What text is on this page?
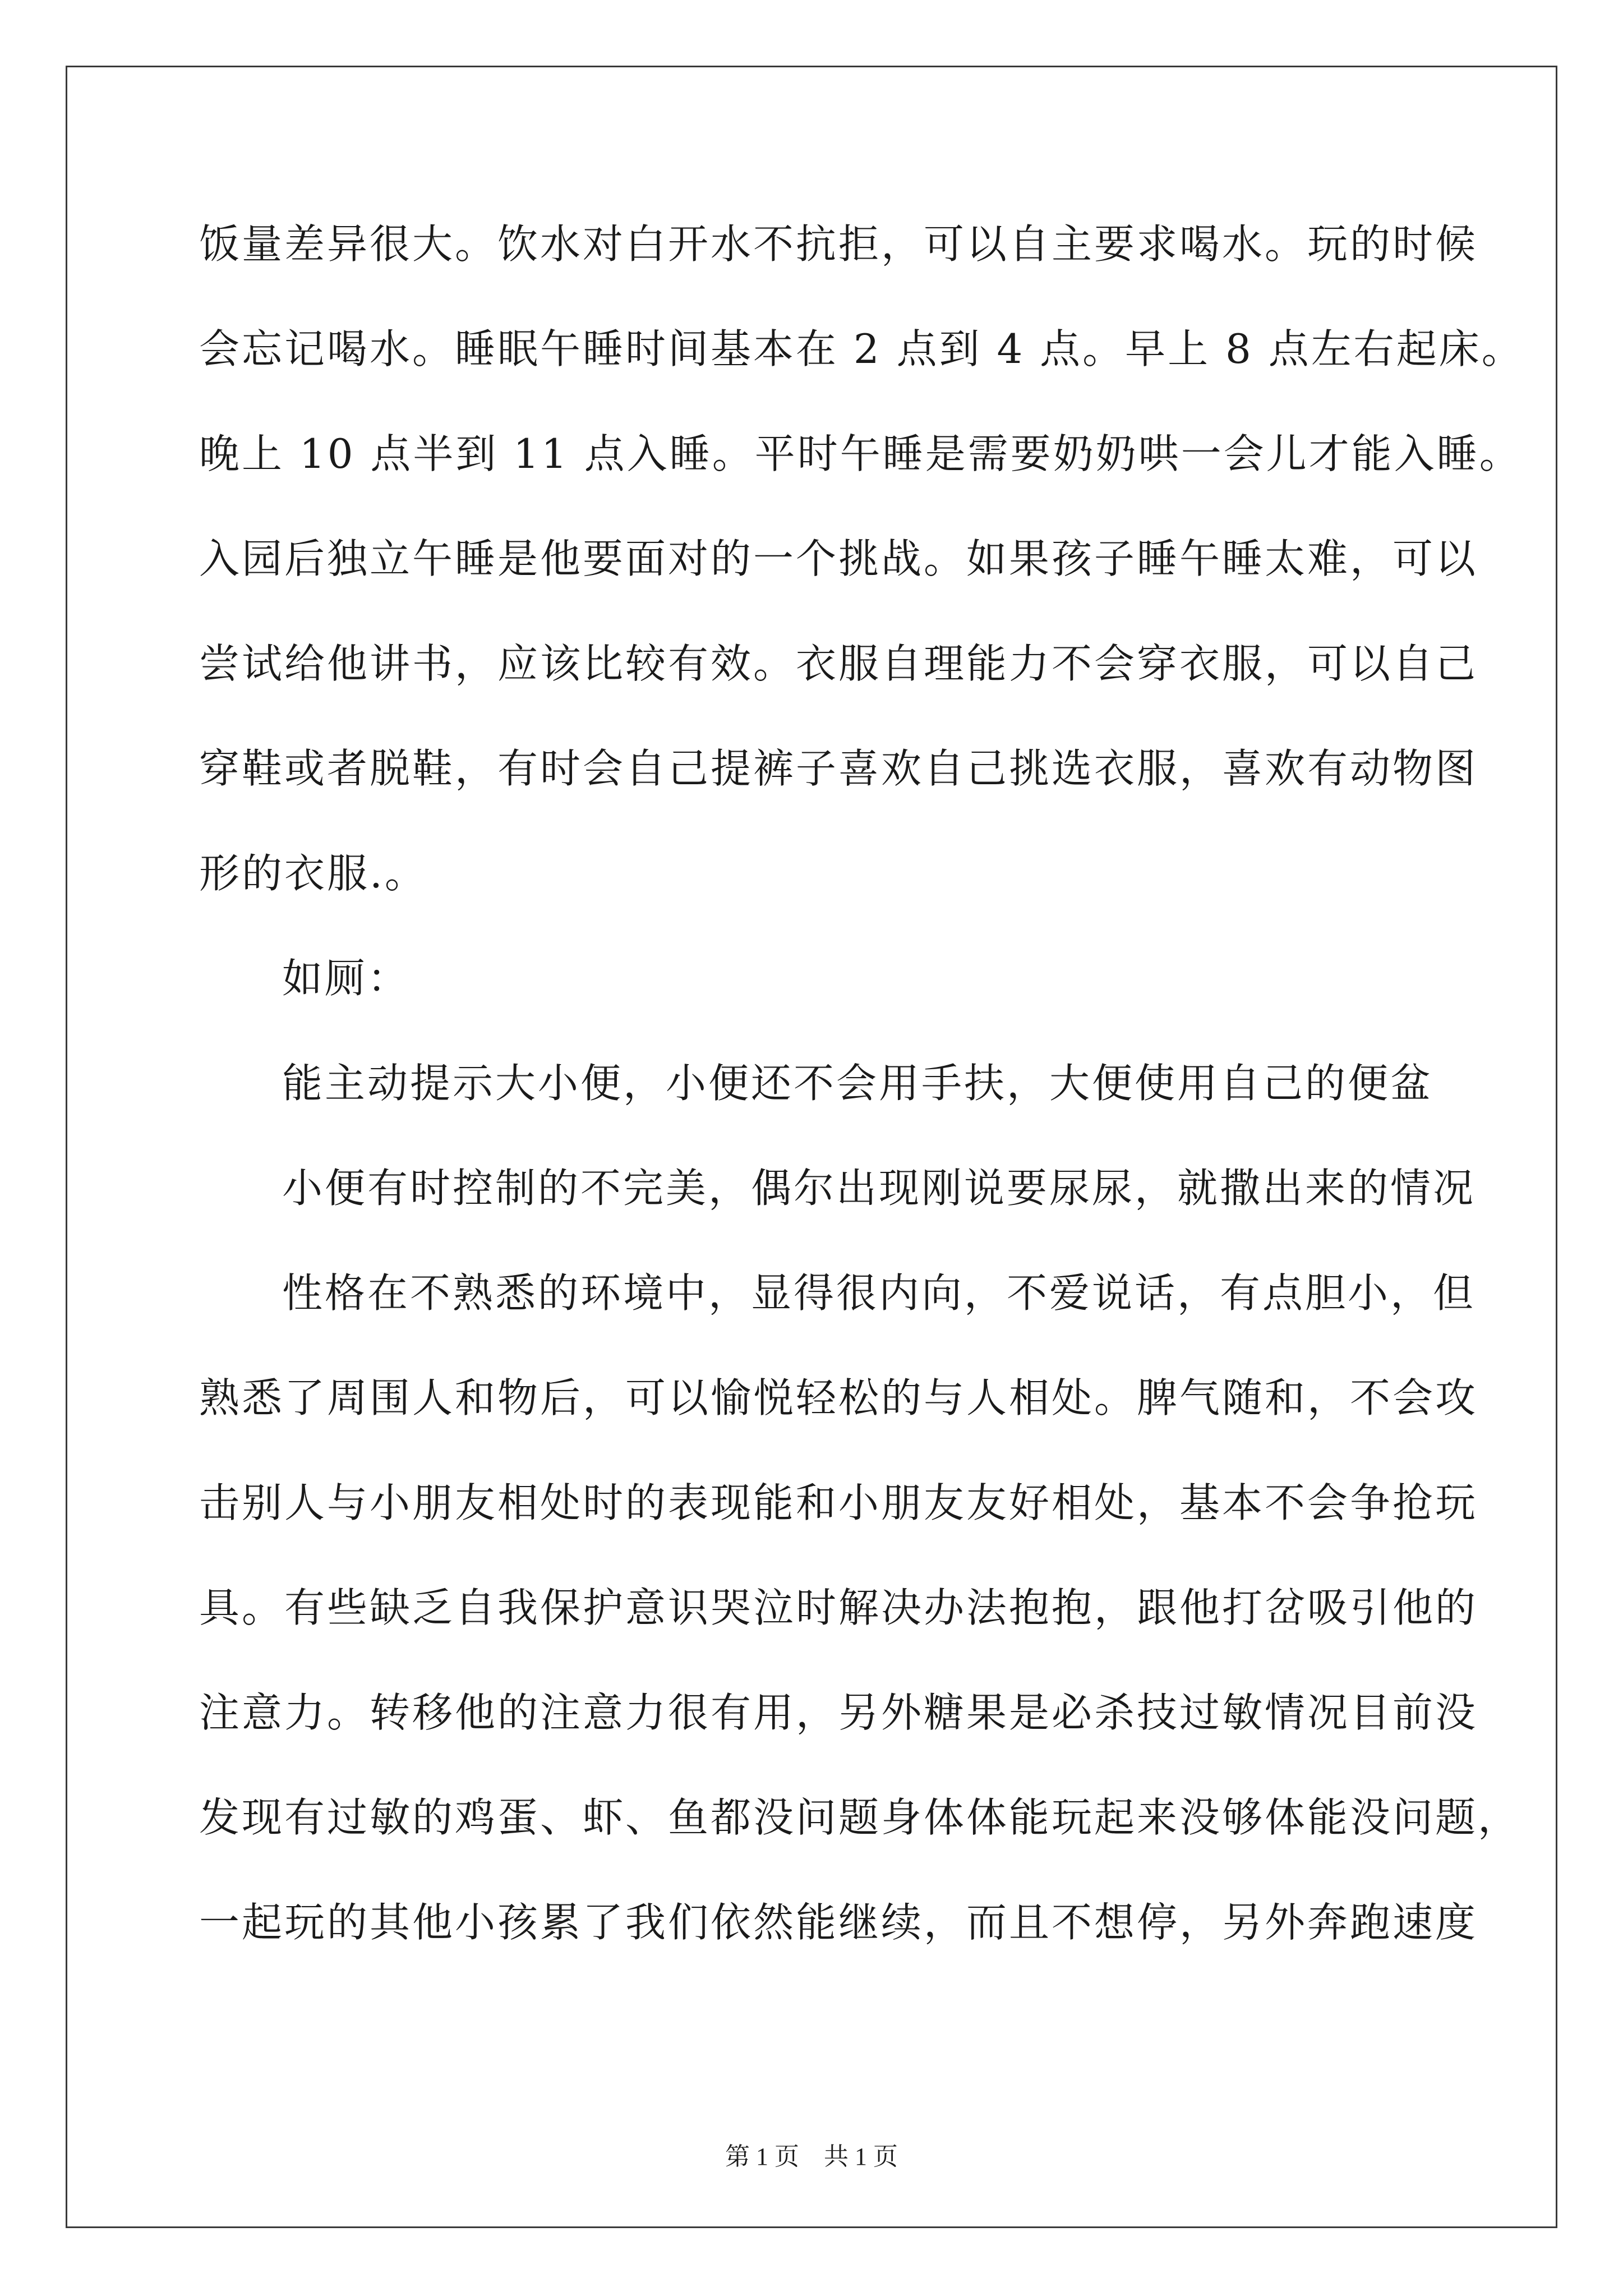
饭量差异很大。饮水对白开水不抗拒，可以自主要求喝水。玩的时候
会忘记喝水。睡眠午睡时间基本在 2 点到 4 点。早上 8 点左右起床。
晚上 10 点半到 11 点入睡。平时午睡是需要奶奶哄一会儿才能入睡。
入园后独立午睡是他要面对的一个挑战。如果孩子睡午睡太难，可以
尝试给他讲书，应该比较有效。衣服自理能力不会穿衣服，可以自己
穿鞋或者脱鞋，有时会自己提裤子喜欢自己挑选衣服，喜欢有动物图
形的衣服.。
如厕：
能主动提示大小便，小便还不会用手扶，大便使用自己的便盆
小便有时控制的不完美，偶尔出现刚说要尿尿，就撒出来的情况
性格在不熟悉的环境中，显得很内向，不爱说话，有点胆小，但
熟悉了周围人和物后，可以愉悦轻松的与人相处。脾气随和，不会攻
击别人与小朋友相处时的表现能和小朋友友好相处，基本不会争抢玩
具。有些缺乏自我保护意识哭泣时解决办法抱抱，跟他打岔吸引他的
注意力。转移他的注意力很有用，另外糖果是必杀技过敏情况目前没
发现有过敏的鸡蛋、虾、鱼都没问题身体体能玩起来没够体能没问题，
一起玩的其他小孩累了我们依然能继续，而且不想停，另外奔跑速度
第 1 页　共 1 页
